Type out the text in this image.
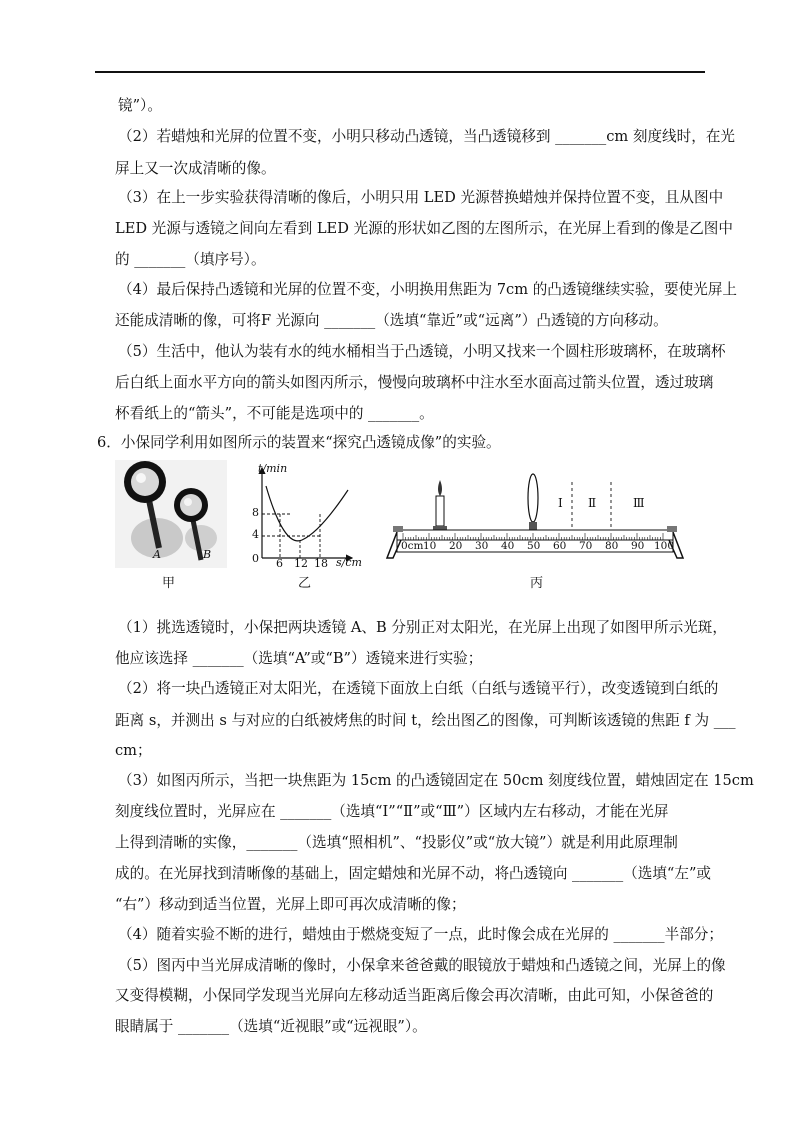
镜”）。
（2）若蜡烛和光屏的位置不变，小明只移动凸透镜，当凸透镜移到 _______cm 刻度线时，在光
屏上又一次成清晰的像。
（3）在上一步实验获得清晰的像后，小明只用 LED 光源替换蜡烛并保持位置不变，且从图中
LED 光源与透镜之间向左看到 LED 光源的形状如乙图的左图所示，在光屏上看到的像是乙图中
的 _______（填序号）。
（4）最后保持凸透镜和光屏的位置不变，小明换用焦距为 7cm 的凸透镜继续实验，要使光屏上
还能成清晰的像，可将F 光源向 _______（选填“靠近”或“远离”）凸透镜的方向移动。
（5）生活中，他认为装有水的纯水桶相当于凸透镜，小明又找来一个圆柱形玻璃杯，在玻璃杯
后白纸上面水平方向的箭头如图丙所示，慢慢向玻璃杯中注水至水面高过箭头位置，透过玻璃
杯看纸上的“箭头”，不可能是选项中的 _______。
6．小保同学利用如图所示的装置来“探究凸透镜成像”的实验。
A	B
甲
t/min
s/cm
8
4
0 6 12 18
乙
Ⅰ Ⅱ	Ⅲ
0cm 10 20 30 40 50 60 70 80 90 100
丙
（1）挑选透镜时，小保把两块透镜 A、B 分别正对太阳光，在光屏上出现了如图甲所示光斑，
他应该选择 _______（选填“A”或“B”）透镜来进行实验；
（2）将一块凸透镜正对太阳光，在透镜下面放上白纸（白纸与透镜平行），改变透镜到白纸的
距离 s，并测出 s 与对应的白纸被烤焦的时间 t，绘出图乙的图像，可判断该透镜的焦距 f 为 ___
cm；
（3）如图丙所示，当把一块焦距为 15cm 的凸透镜固定在 50cm 刻度线位置，蜡烛固定在 15cm
刻度线位置时，光屏应在 _______（选填“Ⅰ”“Ⅱ”或“Ⅲ”）区域内左右移动，才能在光屏
上得到清晰的实像，_______（选填“照相机”、“投影仪”或“放大镜”）就是利用此原理制
成的。在光屏找到清晰像的基础上，固定蜡烛和光屏不动，将凸透镜向 _______（选填“左”或
“右”）移动到适当位置，光屏上即可再次成清晰的像；
（4）随着实验不断的进行，蜡烛由于燃烧变短了一点，此时像会成在光屏的 _______半部分；
（5）图丙中当光屏成清晰的像时，小保拿来爸爸戴的眼镜放于蜡烛和凸透镜之间，光屏上的像
又变得模糊，小保同学发现当光屏向左移动适当距离后像会再次清晰，由此可知，小保爸爸的
眼睛属于 _______（选填“近视眼”或“远视眼”）。
